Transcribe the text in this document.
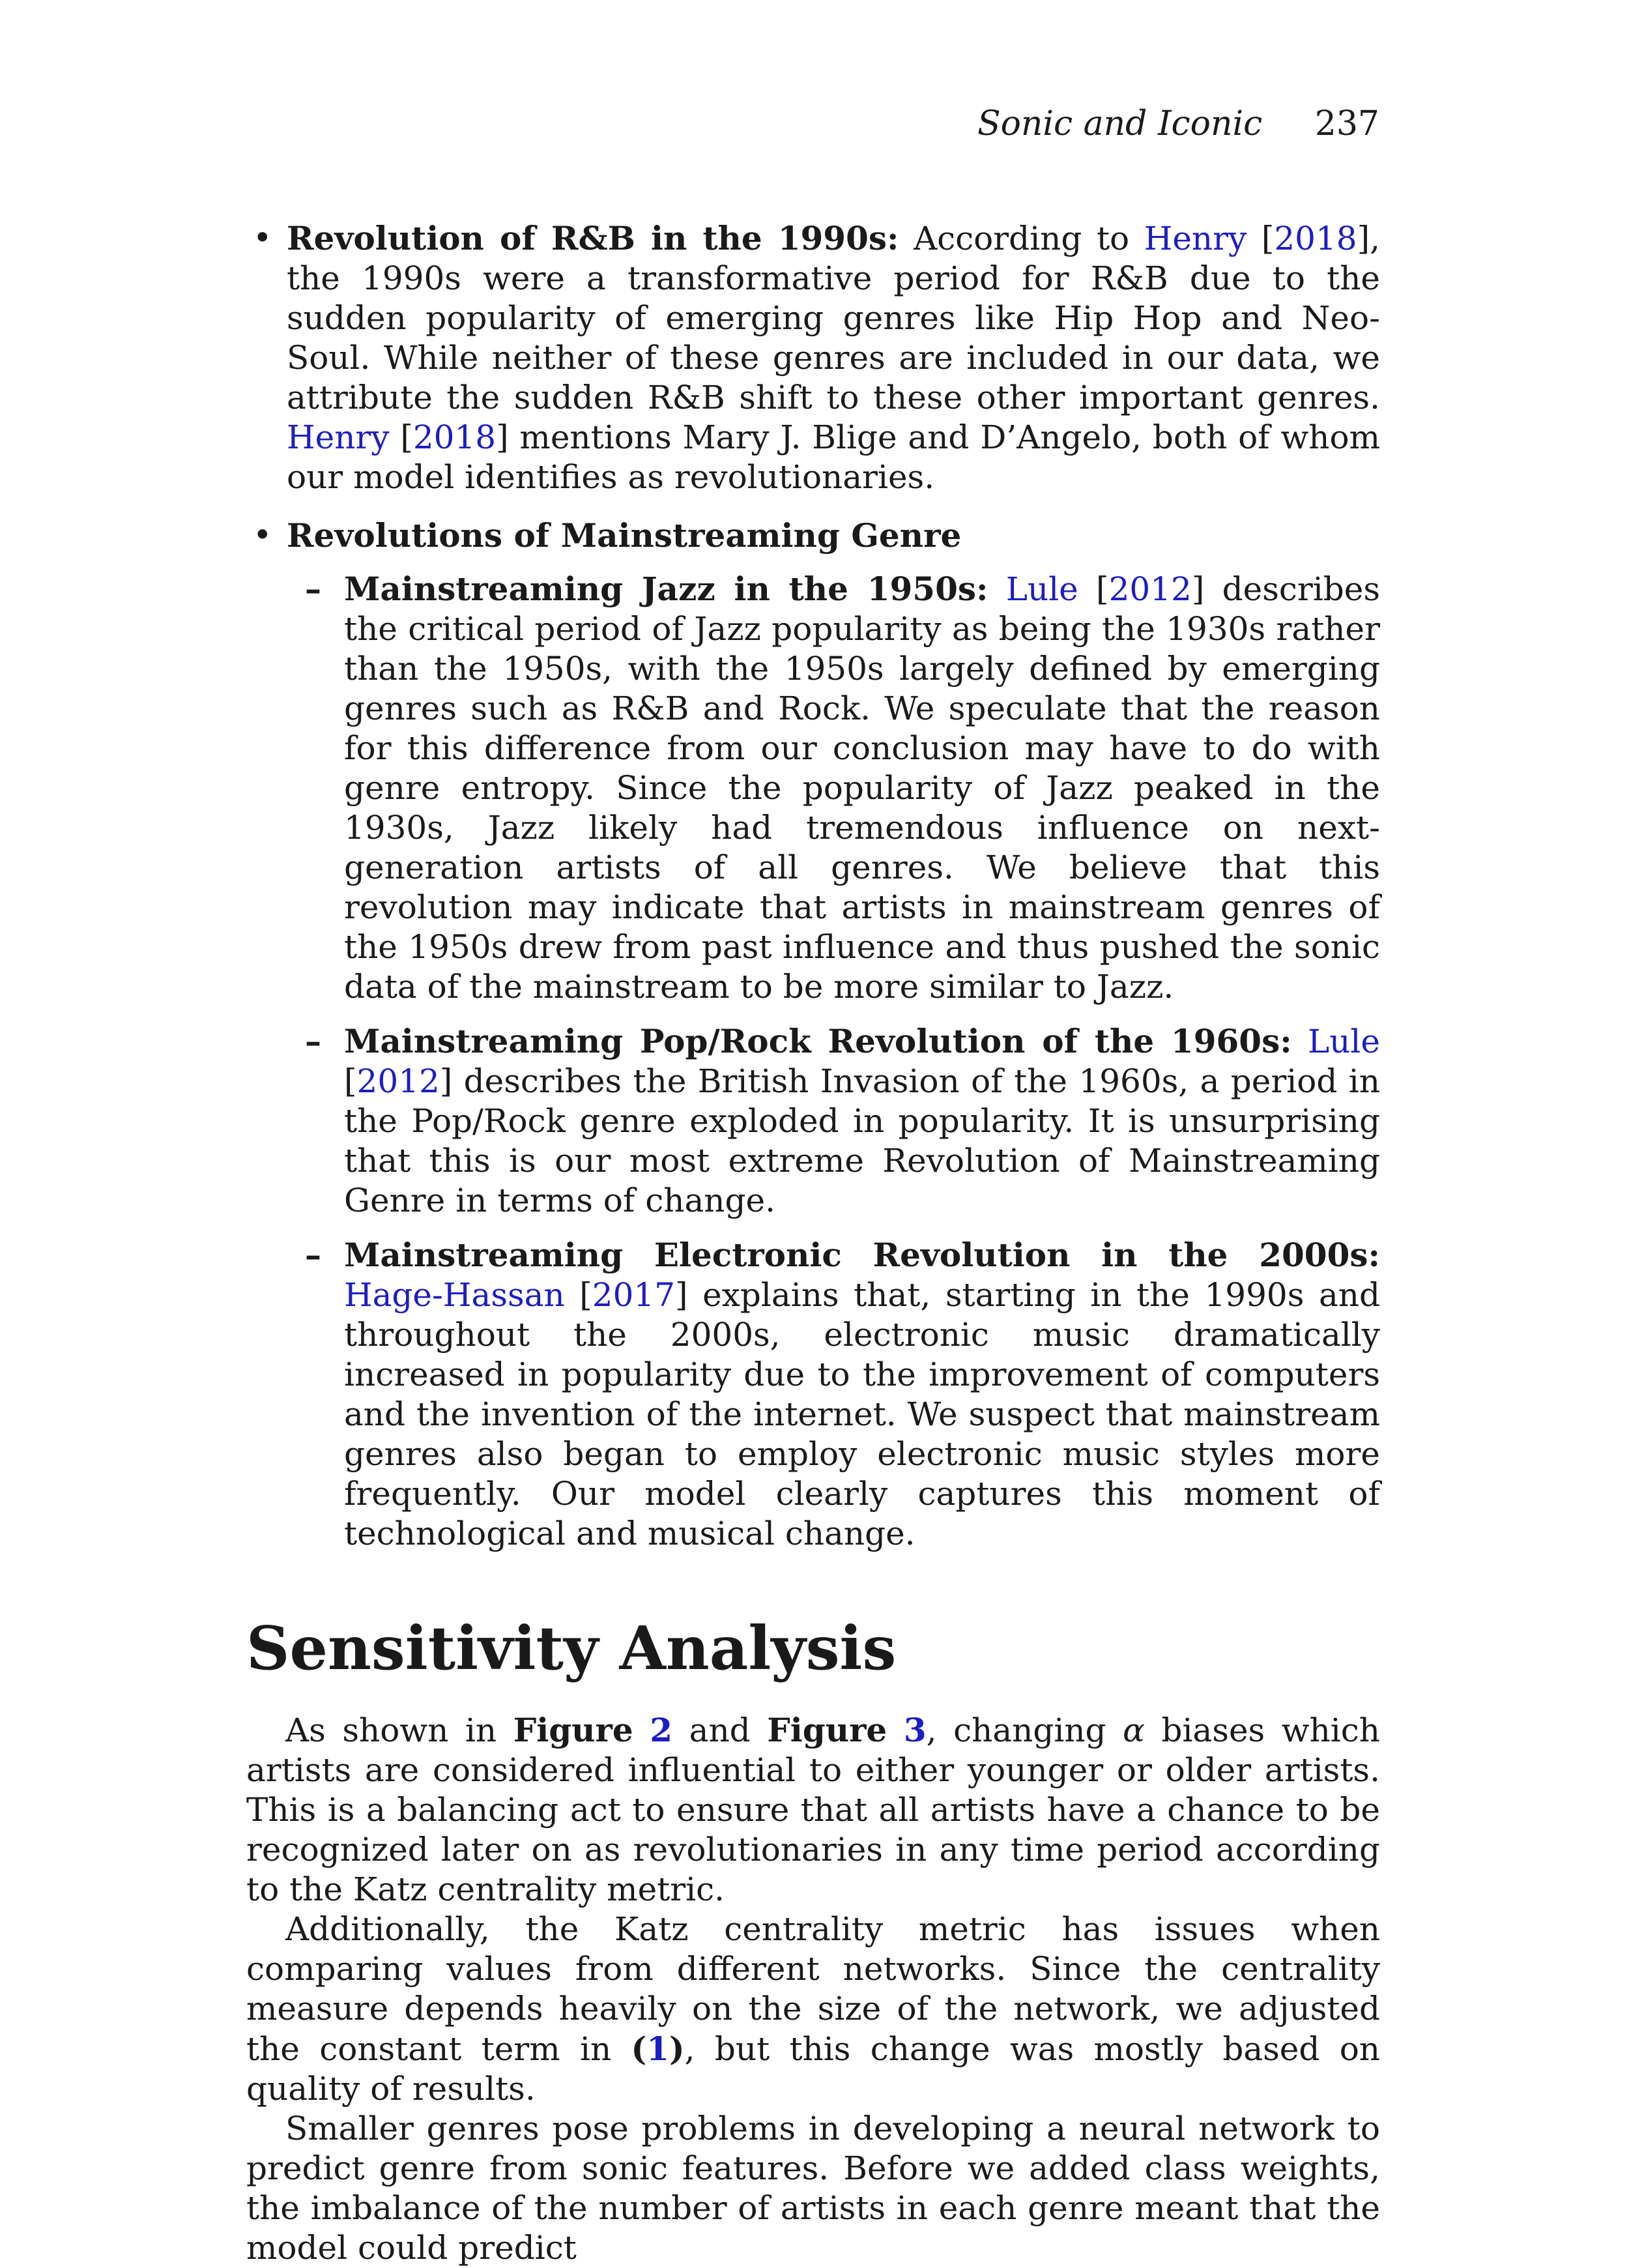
Sonic and Iconic 237
• Revolution of R&B in the 1990s: According to Henry [2018], the 1990s were a transformative period for R&B due to the sudden popularity of emerging genres like Hip Hop and Neo-Soul. While neither of these genres are included in our data, we attribute the sudden R&B shift to these other important genres. Henry [2018] mentions Mary J. Blige and D’Angelo, both of whom our model identifies as revolutionaries.
• Revolutions of Mainstreaming Genre
– Mainstreaming Jazz in the 1950s: Lule [2012] describes the critical period of Jazz popularity as being the 1930s rather than the 1950s, with the 1950s largely defined by emerging genres such as R&B and Rock. We speculate that the reason for this difference from our conclusion may have to do with genre entropy. Since the popularity of Jazz peaked in the 1930s, Jazz likely had tremendous influence on next-generation artists of all genres. We believe that this revolution may indicate that artists in mainstream genres of the 1950s drew from past influence and thus pushed the sonic data of the mainstream to be more similar to Jazz.
– Mainstreaming Pop/Rock Revolution of the 1960s: Lule [2012] describes the British Invasion of the 1960s, a period in the Pop/Rock genre exploded in popularity. It is unsurprising that this is our most extreme Revolution of Mainstreaming Genre in terms of change.
– Mainstreaming Electronic Revolution in the 2000s: Hage-Hassan [2017] explains that, starting in the 1990s and throughout the 2000s, electronic music dramatically increased in popularity due to the improvement of computers and the invention of the internet. We suspect that mainstream genres also began to employ electronic music styles more frequently. Our model clearly captures this moment of technological and musical change.
Sensitivity Analysis

As shown in Figure 2 and Figure 3, changing α biases which artists are considered influential to either younger or older artists. This is a balancing act to ensure that all artists have a chance to be recognized later on as revolutionaries in any time period according to the Katz centrality metric.

Additionally, the Katz centrality metric has issues when comparing values from different networks. Since the centrality measure depends heavily on the size of the network, we adjusted the constant term in (1), but this change was mostly based on quality of results.

Smaller genres pose problems in developing a neural network to predict genre from sonic features. Before we added class weights, the imbalance of the number of artists in each genre meant that the model could predict
